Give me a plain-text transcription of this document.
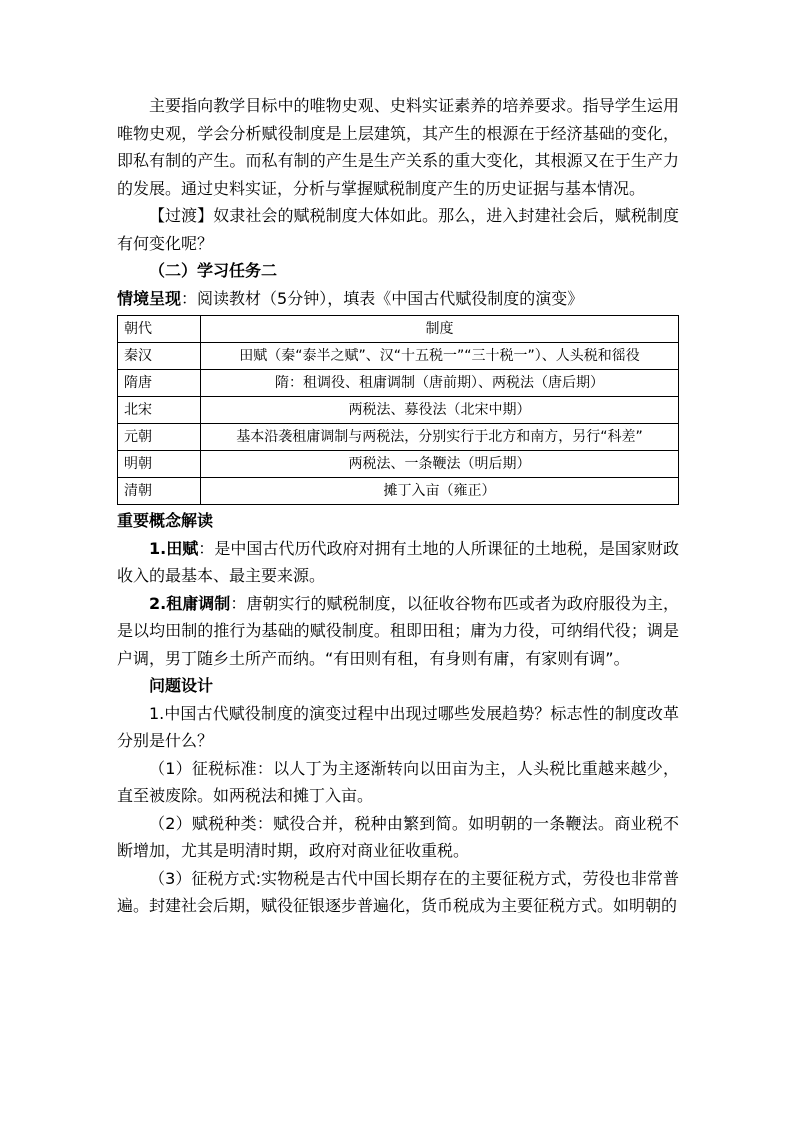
主要指向教学目标中的唯物史观、史料实证素养的培养要求。指导学生运用唯物史观，学会分析赋役制度是上层建筑，其产生的根源在于经济基础的变化，即私有制的产生。而私有制的产生是生产关系的重大变化，其根源又在于生产力的发展。通过史料实证，分析与掌握赋税制度产生的历史证据与基本情况。

【过渡】奴隶社会的赋税制度大体如此。那么，进入封建社会后，赋税制度有何变化呢？

（二）学习任务二

情境呈现：阅读教材（5分钟），填表《中国古代赋役制度的演变》

朝代	制度
秦汉	田赋（秦“泰半之赋”、汉“十五税一”“三十税一”）、人头税和徭役
隋唐	隋：租调役、租庸调制（唐前期）、两税法（唐后期）
北宋	两税法、募役法（北宋中期）
元朝	基本沿袭租庸调制与两税法，分别实行于北方和南方，另行“科差”
明朝	两税法、一条鞭法（明后期）
清朝	摊丁入亩（雍正）

重要概念解读

1.田赋：是中国古代历代政府对拥有土地的人所课征的土地税，是国家财政收入的最基本、最主要来源。

2.租庸调制：唐朝实行的赋税制度，以征收谷物布匹或者为政府服役为主，是以均田制的推行为基础的赋役制度。租即田租；庸为力役，可纳绢代役；调是户调，男丁随乡土所产而纳。“有田则有租，有身则有庸，有家则有调”。

问题设计

1.中国古代赋役制度的演变过程中出现过哪些发展趋势？标志性的制度改革分别是什么？

（1）征税标准：以人丁为主逐渐转向以田亩为主，人头税比重越来越少，直至被废除。如两税法和摊丁入亩。

（2）赋税种类：赋役合并，税种由繁到简。如明朝的一条鞭法。商业税不断增加，尤其是明清时期，政府对商业征收重税。

（3）征税方式:实物税是古代中国长期存在的主要征税方式，劳役也非常普遍。封建社会后期，赋役征银逐步普遍化，货币税成为主要征税方式。如明朝的
